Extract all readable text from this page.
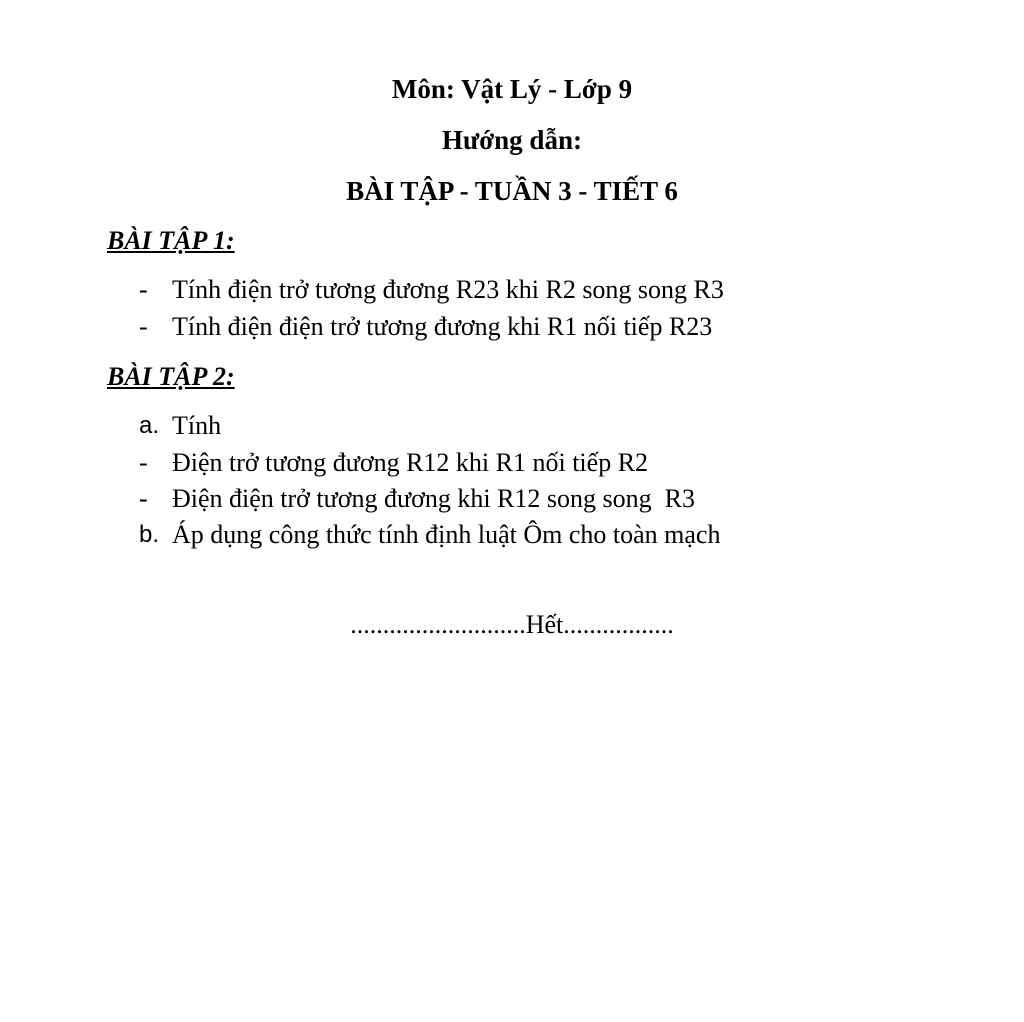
Môn: Vật Lý - Lớp 9
Hướng dẫn:
BÀI TẬP - TUẦN 3 - TIẾT 6
BÀI TẬP 1:
- Tính điện trở tương đương R23 khi R2 song song R3
- Tính điện điện trở tương đương khi R1 nối tiếp R23
BÀI TẬP 2:
a. Tính
- Điện trở tương đương R12 khi R1 nối tiếp R2
- Điện điện trở tương đương khi R12 song song  R3
b. Áp dụng công thức tính định luật Ôm cho toàn mạch
...........................Hết.................
